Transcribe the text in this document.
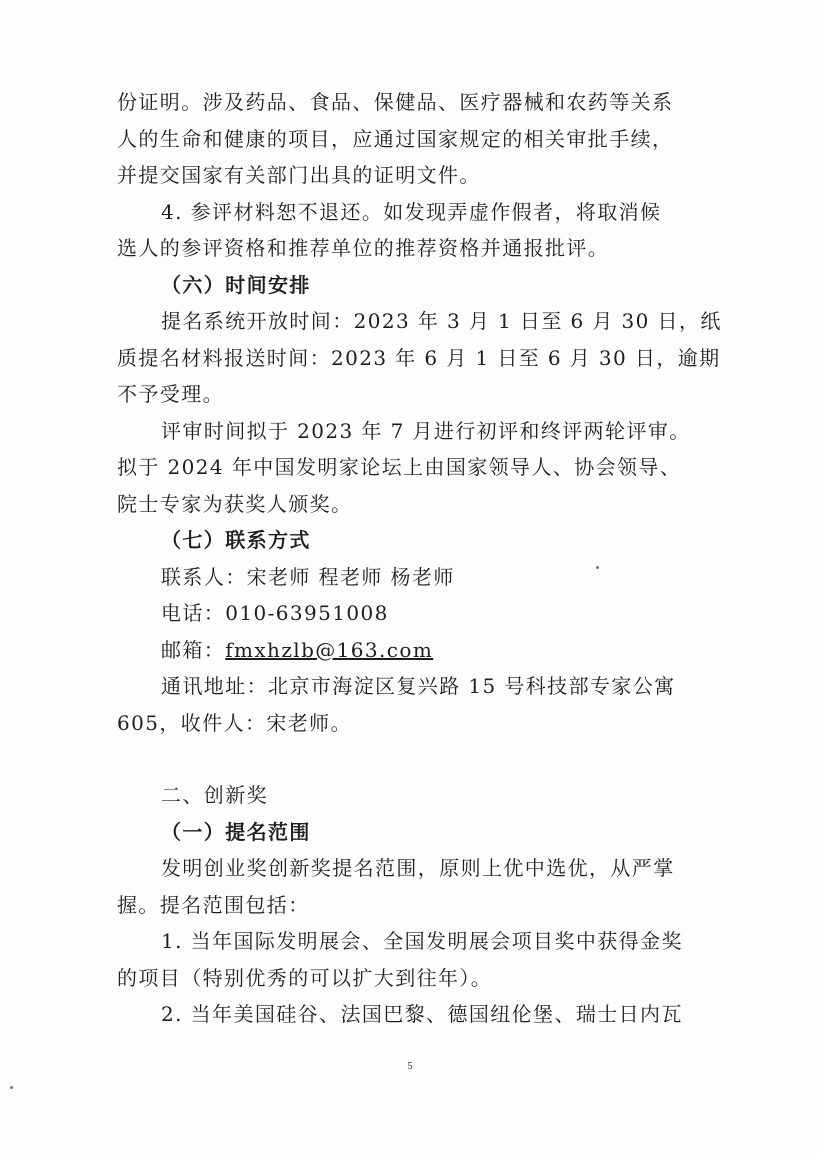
份证明。涉及药品、食品、保健品、医疗器械和农药等关系
人的生命和健康的项目，应通过国家规定的相关审批手续，
并提交国家有关部门出具的证明文件。
4. 参评材料恕不退还。如发现弄虚作假者，将取消候
选人的参评资格和推荐单位的推荐资格并通报批评。
（六）时间安排
提名系统开放时间：2023 年 3 月 1 日至 6 月 30 日，纸
质提名材料报送时间：2023 年 6 月 1 日至 6 月 30 日，逾期
不予受理。
评审时间拟于 2023 年 7 月进行初评和终评两轮评审。
拟于 2024 年中国发明家论坛上由国家领导人、协会领导、
院士专家为获奖人颁奖。
（七）联系方式
联系人：宋老师 程老师 杨老师
电话：010-63951008
邮箱：fmxhzlb@163.com
通讯地址：北京市海淀区复兴路 15 号科技部专家公寓
605，收件人：宋老师。
二、创新奖
（一）提名范围
发明创业奖创新奖提名范围，原则上优中选优，从严掌
握。提名范围包括：
1. 当年国际发明展会、全国发明展会项目奖中获得金奖
的项目（特别优秀的可以扩大到往年）。
2. 当年美国硅谷、法国巴黎、德国纽伦堡、瑞士日内瓦
5
